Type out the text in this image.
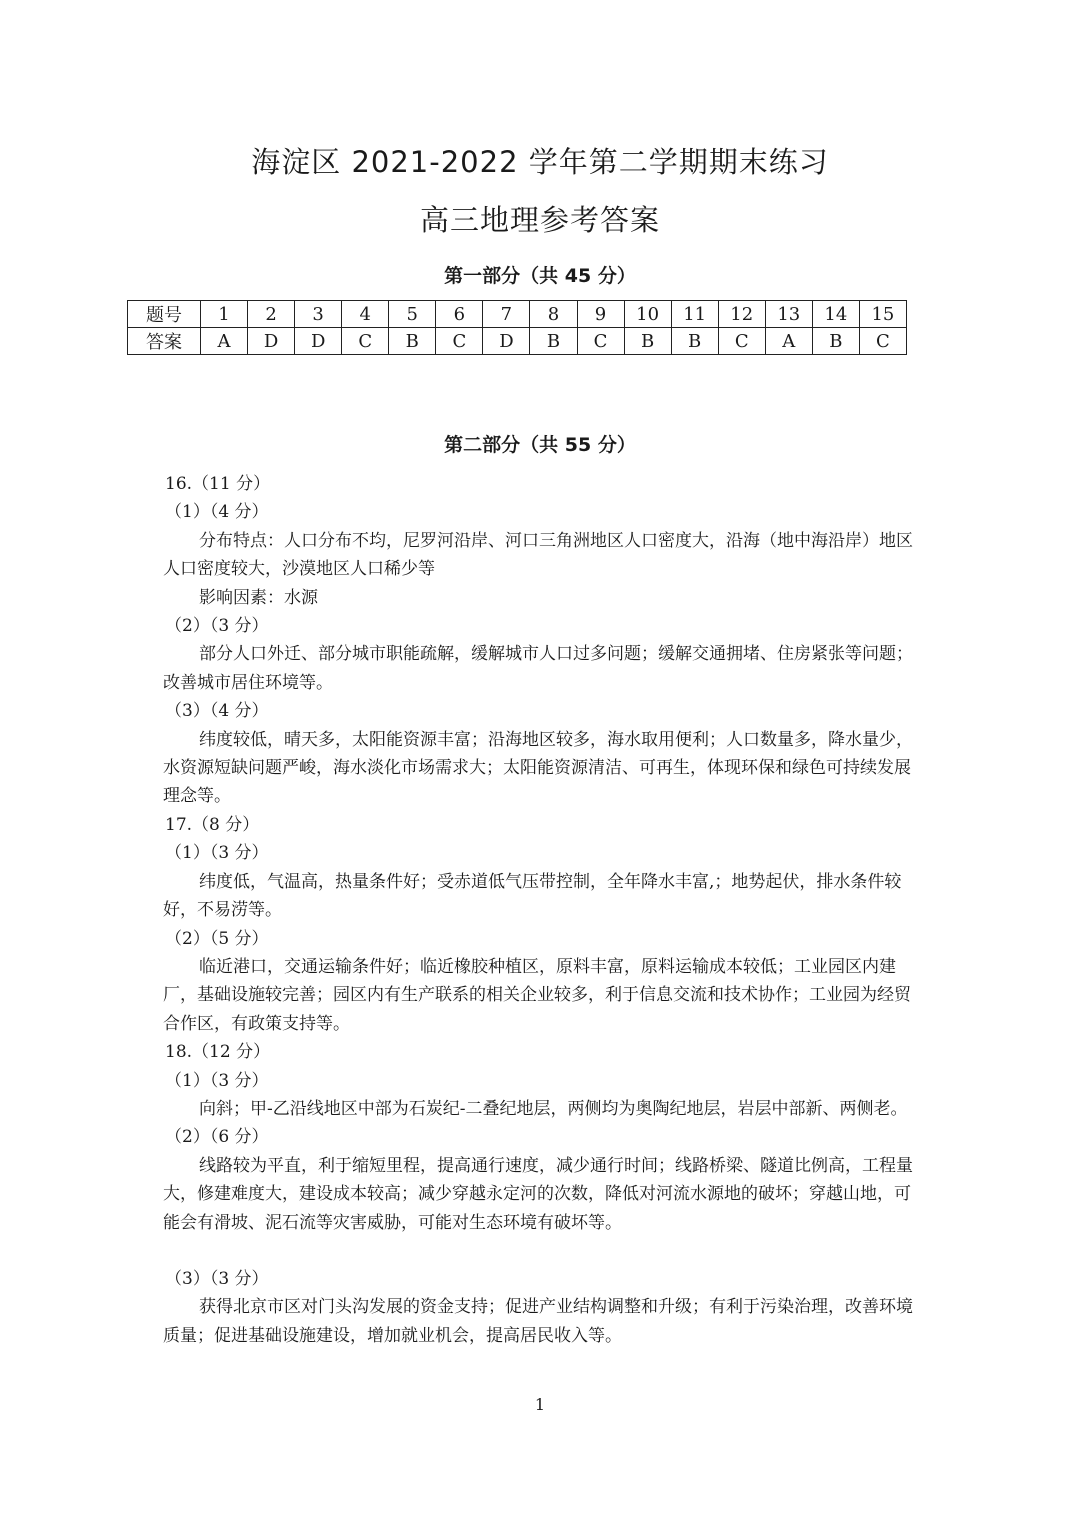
海淀区 2021-2022 学年第二学期期末练习
高三地理参考答案
第一部分（共 45 分）
题号	1	2	3	4	5	6	7	8	9	10	11	12	13	14	15
答案	A	D	D	C	B	C	D	B	C	B	B	C	A	B	C
第二部分（共 55 分）

16.（11 分）

（1）（4 分）

分布特点：人口分布不均，尼罗河沿岸、河口三角洲地区人口密度大，沿海（地中海沿岸）地区人口密度较大，沙漠地区人口稀少等

影响因素：水源

（2）（3 分）

部分人口外迁、部分城市职能疏解，缓解城市人口过多问题；缓解交通拥堵、住房紧张等问题；改善城市居住环境等。

（3）（4 分）

纬度较低，晴天多，太阳能资源丰富；沿海地区较多，海水取用便利；人口数量多，降水量少，水资源短缺问题严峻，海水淡化市场需求大；太阳能资源清洁、可再生，体现环保和绿色可持续发展理念等。

17.（8 分）

（1）（3 分）

纬度低，气温高，热量条件好；受赤道低气压带控制，全年降水丰富,；地势起伏，排水条件较好，不易涝等。

（2）（5 分）

临近港口，交通运输条件好；临近橡胶种植区，原料丰富，原料运输成本较低；工业园区内建厂，基础设施较完善；园区内有生产联系的相关企业较多，利于信息交流和技术协作；工业园为经贸合作区，有政策支持等。

18.（12 分）

（1）（3 分）

向斜；甲-乙沿线地区中部为石炭纪-二叠纪地层，两侧均为奥陶纪地层，岩层中部新、两侧老。

（2）（6 分）

线路较为平直，利于缩短里程，提高通行速度，减少通行时间；线路桥梁、隧道比例高，工程量大，修建难度大，建设成本较高；减少穿越永定河的次数，降低对河流水源地的破坏；穿越山地，可能会有滑坡、泥石流等灾害威胁，可能对生态环境有破坏等。

（3）（3 分）

获得北京市区对门头沟发展的资金支持；促进产业结构调整和升级；有利于污染治理，改善环境质量；促进基础设施建设，增加就业机会，提高居民收入等。

1
